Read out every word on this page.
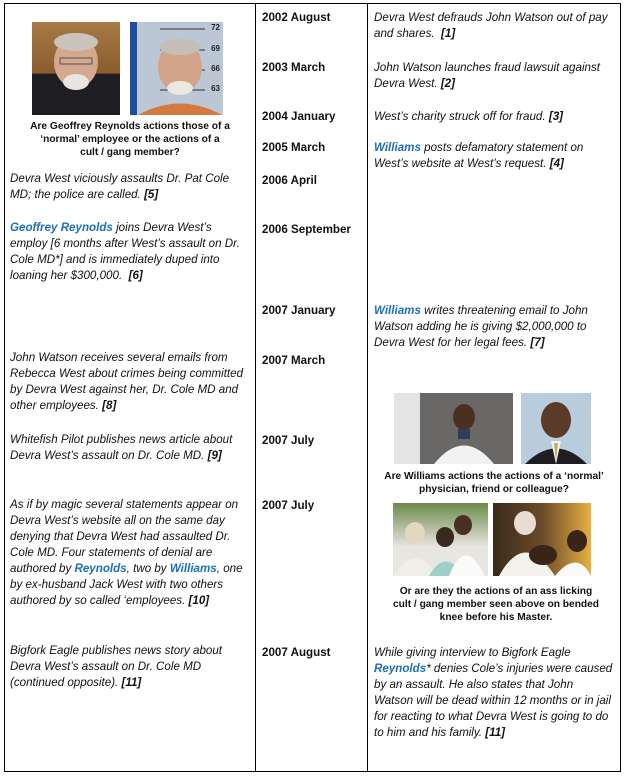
72
69
66
63
Are Geoffrey Reynolds actions those of a ‘normal’ employee or the actions of a cult / gang member?
2002 August
2003 March
2004 January
2005 March
2006 April
2006 September
2007 January
2007 March
2007 July
2007 July
2007 August
Devra West defrauds John Watson out of pay and shares. [1]
John Watson launches fraud lawsuit against Devra West. [2]
West’s charity struck off for fraud. [3]
Williams posts defamatory statement on West’s website at West’s request. [4]
Williams writes threatening email to John Watson adding he is giving $2,000,000 to Devra West for her legal fees. [7]
While giving interview to Bigfork Eagle Reynolds* denies Cole’s injuries were caused by an assault. He also states that John Watson will be dead within 12 months or in jail for reacting to what Devra West is going to do to him and his family. [11]
Are Williams actions the actions of a ‘normal’ physician, friend or colleague?
Or are they the actions of an ass licking cult / gang member seen above on bended knee before his Master.
Devra West viciously assaults Dr. Pat Cole MD; the police are called. [5]
Geoffrey Reynolds joins Devra West’s employ [6 months after West’s assault on Dr. Cole MD*] and is immediately duped into loaning her $300,000. [6]
John Watson receives several emails from Rebecca West about crimes being committed by Devra West against her, Dr. Cole MD and other employees. [8]
Whitefish Pilot publishes news article about Devra West’s assault on Dr. Cole MD. [9]
As if by magic several statements appear on Devra West’s website all on the same day denying that Devra West had assaulted Dr. Cole MD. Four statements of denial are authored by Reynolds, two by Williams, one by ex-husband Jack West with two others authored by so called ‘employees. [10]
Bigfork Eagle publishes news story about Devra West’s assault on Dr. Cole MD (continued opposite). [11]
